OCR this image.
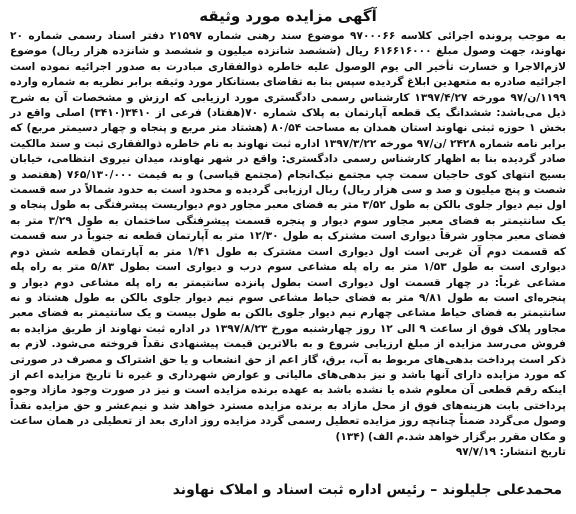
آگهی مزایده مورد وثیقه

به موجب پرونده اجرائی کلاسه ۹۷۰۰۰۶۶ موضوع سند رهنی شماره ۲۱۵۹۷ دفتر اسناد رسمی شماره ۲۰ نهاوند، جهت وصول مبلغ ۶۱۶۶۱۶۰۰۰ ریال (ششصد شانزده میلیون و ششصد و شانزده هزار ریال) موضوع لازم‌الاجرا و خسارت تأخیر الی یوم الوصول علیه خاطره ذوالفقاری مبادرت به صدور اجرائیه نموده است اجرائیه صادره به متعهدین ابلاغ گردیده سپس بنا به تقاضای بستانکار مورد وثیقه برابر نظریه به شماره وارده ۱۱۹۹/ن/۹۷ مورخه ۱۳۹۷/۴/۲۷ کارشناس رسمی دادگستری مورد ارزیابی که ارزش و مشخصات آن به شرح ذیل می‌باشد: ششدانگ یک قطعه آپارتمان به پلاک شماره ۷۰(هفتاد) فرعی از ۳۴۱۰(۳۴۱۰) اصلی واقع در بخش ۱ حوزه ثبتی نهاوند استان همدان به مساحت ۸۰/۵۴ (هشتاد متر مربع و پنجاه و چهار دسیمتر مربع) که برابر نامه شماره ۲۴۲۸ /ن/۹۷ مورخه ۱۳۹۷/۳/۲۲ اداره ثبت نهاوند به نام خاطره ذوالفقاری ثبت و سند مالکیت صادر گردیده بنا به اظهار کارشناس رسمی دادگستری: واقع در شهر نهاوند، میدان نیروی انتظامی، خیابان بسیج انتهای کوی حاجیان سمت چپ مجتمع نیک‌انجام (مجتمع قیاسی) و به قیمت ۷۶۵/۱۳۰/۰۰۰ (هفتصد و شصت و پنج میلیون و صد و سی هزار ریال) ریال ارزیابی گردیده و محدود است به حدود شمالاً در سه قسمت اول نیم دیوار جلوی بالکن به طول ۳/۵۲ متر به فضای معبر مجاور دوم دیواریست پیشرفتگی به طول پنجاه و یک سانتیمتر به فضای معبر مجاور سوم دیوار و پنجره قسمت پیشرفتگی ساختمان به طول ۳/۲۹ متر به فضای معبر مجاور شرقاً دیواری است مشترک به طول ۱۲/۳۰ متر به آپارتمان قطعه نه جنوباً در سه قسمت که قسمت دوم آن غربی است اول دیواری است مشترک به طول ۱/۴۱ متر به آپارتمان قطعه شش دوم دیواری است به طول ۱/۵۳ متر به راه پله مشاعی سوم درب و دیواری است بطول ۵/۸۳ متر به راه پله مشاعی غرباً: در چهار قسمت اول دیواری است بطول پانزده سانتیمتر به راه پله مشاعی دوم دیوار و پنجره‌ای است به طول ۹/۸۱ متر به فضای حیاط مشاعی سوم نیم دیوار جلوی بالکن به طول هشتاد و نه سانتیمتر به فضای حیاط مشاعی چهارم نیم دیوار جلوی بالکن به طول بیست و یک سانتیمتر به فضای معبر مجاور پلاک فوق از ساعت ۹ الی ۱۲ روز چهارشنبه مورخ ۱۳۹۷/۸/۲۳ در اداره ثبت نهاوند از طریق مزایده به فروش می‌رسد مزایده از مبلغ ارزیابی شروع و به بالاترین قیمت پیشنهادی نقداً فروخته می‌شود. لازم به ذکر است پرداخت بدهی‌های مربوط به آب، برق، گاز اعم از حق انشعاب و یا حق اشتراک و مصرف در صورتی که مورد مزایده دارای آنها باشد و نیز بدهی‌های مالیاتی و عوارض شهرداری و غیره تا تاریخ مزایده اعم از اینکه رقم قطعی آن معلوم شده یا نشده باشد به عهده برنده مزایده است و نیز در صورت وجود مازاد وجوه پرداختی بابت هزینه‌های فوق از محل مازاد به برنده مزایده مسترد خواهد شد و نیم‌عشر و حق مزایده نقداً وصول می‌گردد ضمناً چنانچه روز مزایده تعطیل رسمی گردد مزایده روز اداری بعد از تعطیلی در همان ساعت و مکان مقرر برگزار خواهد شد.م الف) (۱۳۴)

تاریخ انتشار: ۹۷/۷/۱۹

محمدعلی جلیلوند – رئیس اداره ثبت اسناد و املاک نهاوند
